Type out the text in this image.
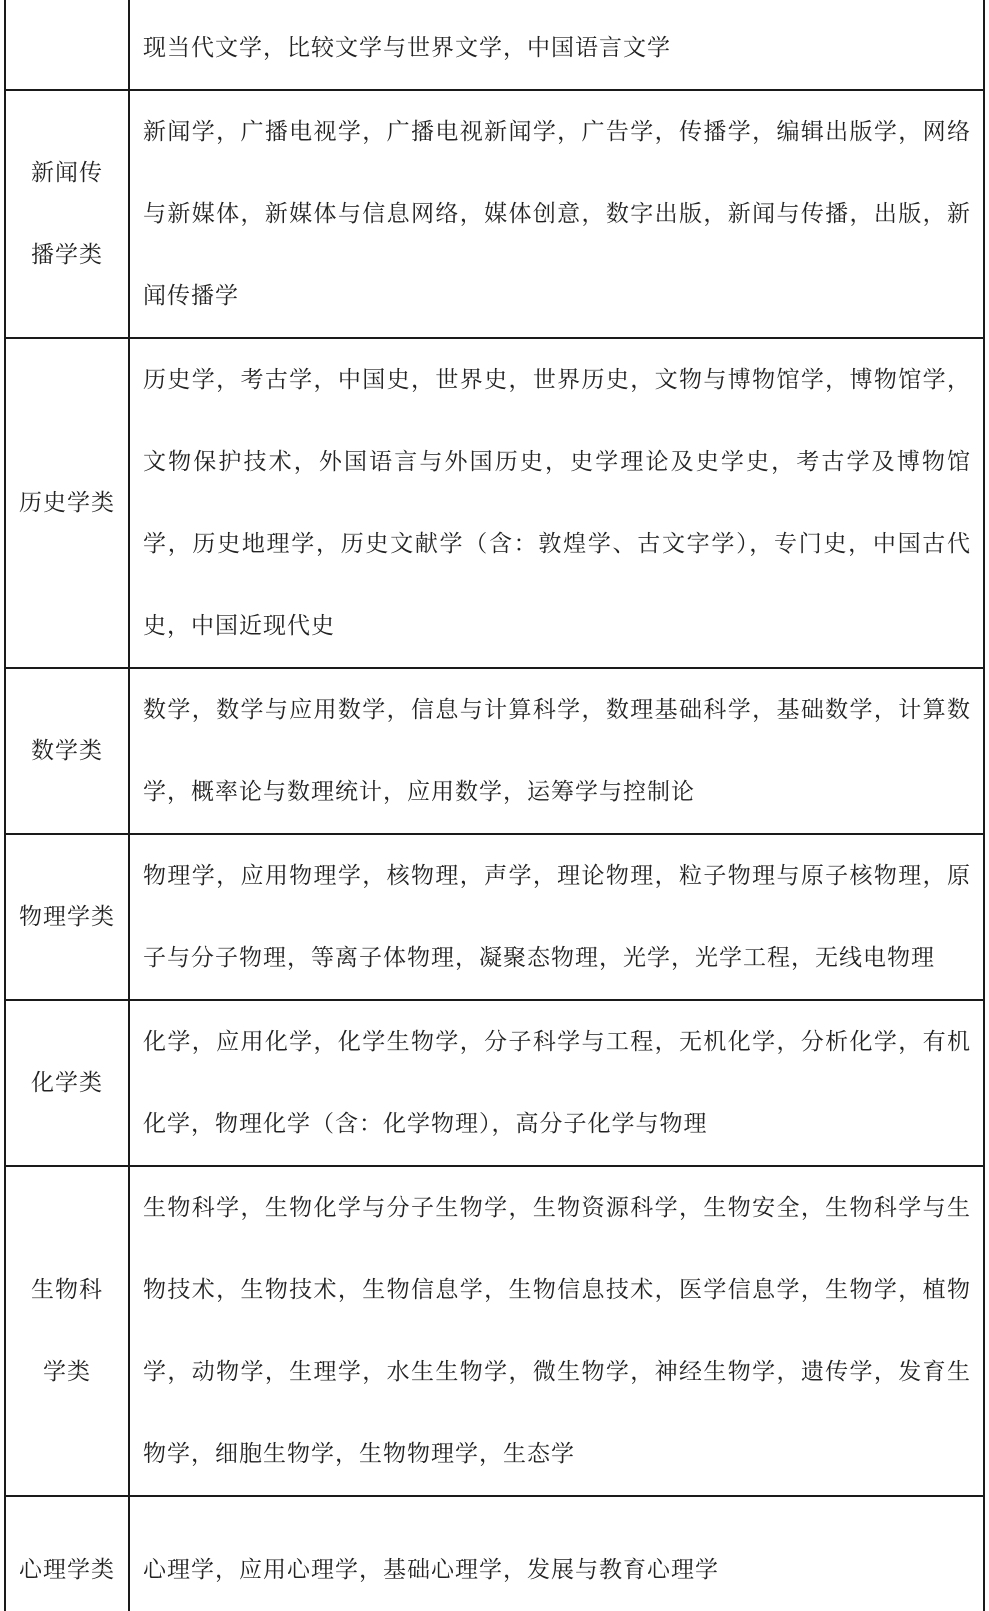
	现当代文学，比较文学与世界文学，中国语言文学
新闻传播学类	新闻学，广播电视学，广播电视新闻学，广告学，传播学，编辑出版学，网络与新媒体，新媒体与信息网络，媒体创意，数字出版，新闻与传播，出版，新闻传播学
历史学类	历史学，考古学，中国史，世界史，世界历史，文物与博物馆学，博物馆学，文物保护技术，外国语言与外国历史，史学理论及史学史，考古学及博物馆学，历史地理学，历史文献学（含：敦煌学、古文字学），专门史，中国古代史，中国近现代史
数学类	数学，数学与应用数学，信息与计算科学，数理基础科学，基础数学，计算数学，概率论与数理统计，应用数学，运筹学与控制论
物理学类	物理学，应用物理学，核物理，声学，理论物理，粒子物理与原子核物理，原子与分子物理，等离子体物理，凝聚态物理，光学，光学工程，无线电物理
化学类	化学，应用化学，化学生物学，分子科学与工程，无机化学，分析化学，有机化学，物理化学（含：化学物理），高分子化学与物理
生物科学类	生物科学，生物化学与分子生物学，生物资源科学，生物安全，生物科学与生物技术，生物技术，生物信息学，生物信息技术，医学信息学，生物学，植物学，动物学，生理学，水生生物学，微生物学，神经生物学，遗传学，发育生物学，细胞生物学，生物物理学，生态学
心理学类	心理学，应用心理学，基础心理学，发展与教育心理学
